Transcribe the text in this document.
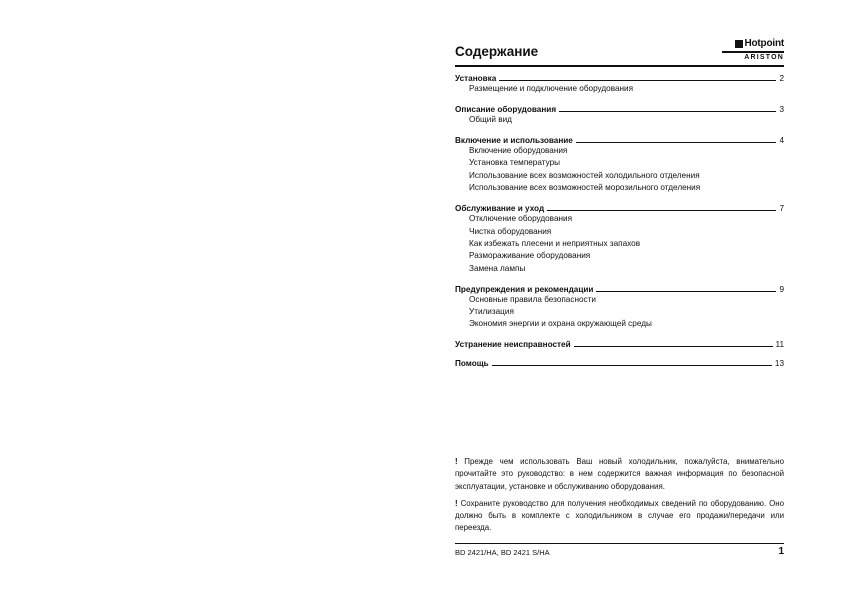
Содержание
Hotpoint
ARISTON
Установка	2
Размещение и подключение оборудования
Описание оборудования	3
Общий вид
Включение и использование	4
Включение оборудования
Установка температуры
Использование всех возможностей холодильного отделения
Использование всех возможностей морозильного отделения
Обслуживание и уход	7
Отключение оборудования
Чистка оборудования
Как избежать плесени и неприятных запахов
Размораживание оборудования
Замена лампы
Предупреждения и рекомендации	9
Основные правила безопасности
Утилизация
Экономия энергии и охрана окружающей среды
Устранение неисправностей	11
Помощь	13
! Прежде чем использовать Ваш новый холодильник, пожалуйста, внимательно прочитайте это руководство: в нем содержится важная информация по безопасной эксплуатации, установке и обслуживанию оборудования.
! Сохраните руководство для получения необходимых сведений по оборудованию. Оно должно быть в комплекте с холодильником в случае его продажи/передачи или переезда.
BD 2421/HA, BD 2421 S/HA	1
